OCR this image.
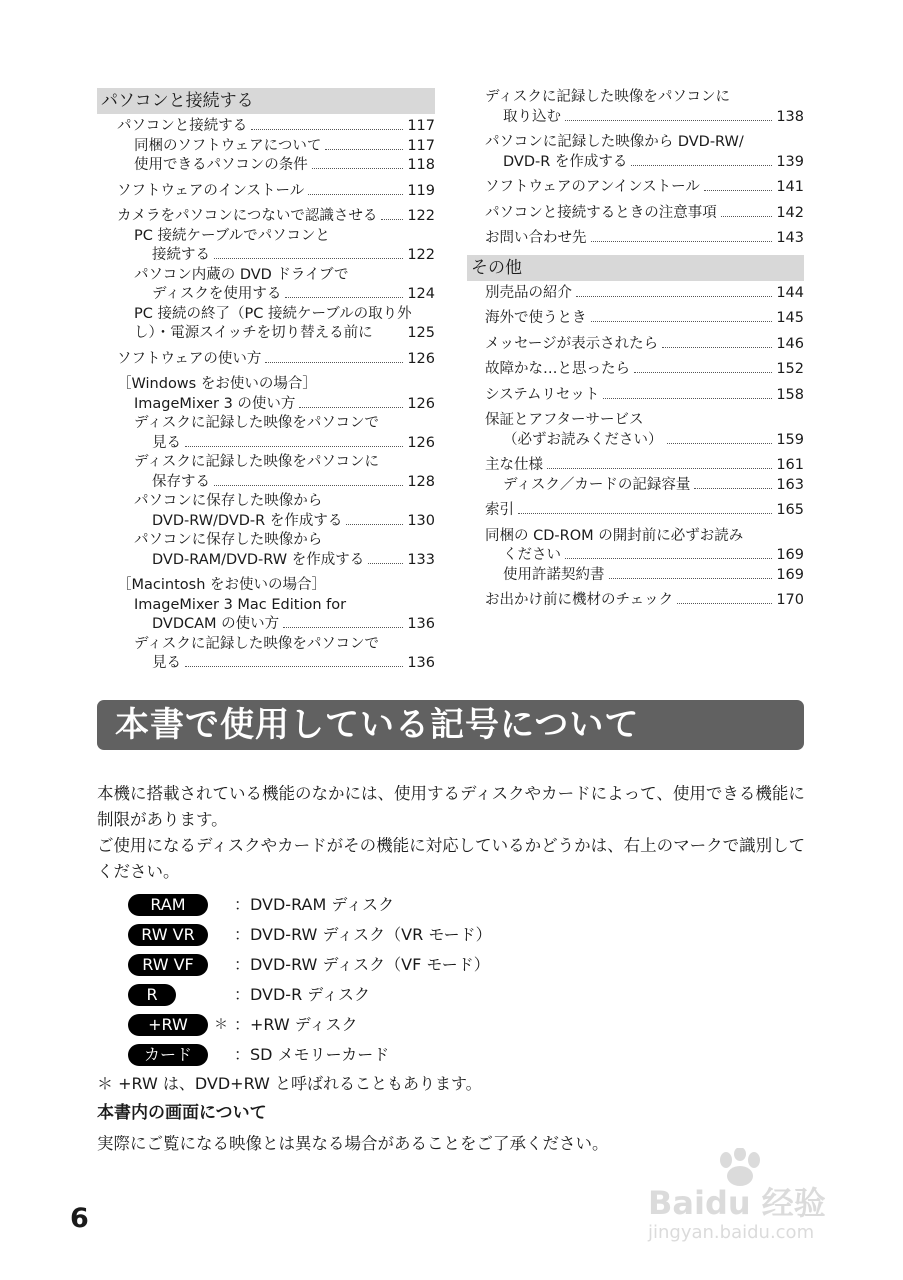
パソコンと接続する
パソコンと接続する	117
同梱のソフトウェアについて	117
使用できるパソコンの条件	118
ソフトウェアのインストール	119
カメラをパソコンにつないで認識させる 122
PC 接続ケーブルでパソコンと
接続する	122
パソコン内蔵の DVD ドライブで
ディスクを使用する	124
PC 接続の終了（PC 接続ケーブルの取り外
し）・電源スイッチを切り替える前に 125
ソフトウェアの使い方	126
［Windows をお使いの場合］
ImageMixer 3 の使い方	126
ディスクに記録した映像をパソコンで
見る	126
ディスクに記録した映像をパソコンに
保存する	128
パソコンに保存した映像から
DVD-RW/DVD-R を作成する	130
パソコンに保存した映像から
DVD-RAM/DVD-RW を作成する	133
［Macintosh をお使いの場合］
ImageMixer 3 Mac Edition for
DVDCAM の使い方	136
ディスクに記録した映像をパソコンで
見る	136
ディスクに記録した映像をパソコンに
取り込む	138
パソコンに記録した映像から DVD-RW/
DVD-R を作成する	139
ソフトウェアのアンインストール	141
パソコンと接続するときの注意事項	142
お問い合わせ先	143
その他
別売品の紹介	144
海外で使うとき	145
メッセージが表示されたら	146
故障かな…と思ったら	152
システムリセット	158
保証とアフターサービス
（必ずお読みください）	159
主な仕様	161
ディスク／カードの記録容量	163
索引	165
同梱の CD-ROM の開封前に必ずお読み
ください	169
使用許諾契約書	169
お出かけ前に機材のチェック	170
本書で使用している記号について

本機に搭載されている機能のなかには、使用するディスクやカードによって、使用できる機能に制限があります。

ご使用になるディスクやカードがその機能に対応しているかどうかは、右上のマークで識別してください。

RAM	：DVD-RAM ディスク
RW VR	：DVD-RW ディスク（VR モード）
RW VF	：DVD-RW ディスク（VF モード）
R	：DVD-R ディスク
+RW	＊ ：+RW ディスク
カード	：SD メモリーカード
＊ +RW は、DVD+RW と呼ばれることもあります。
本書内の画面について
実際にご覧になる映像とは異なる場合があることをご了承ください。
6	Baidu 经验
jingyan.baidu.com
